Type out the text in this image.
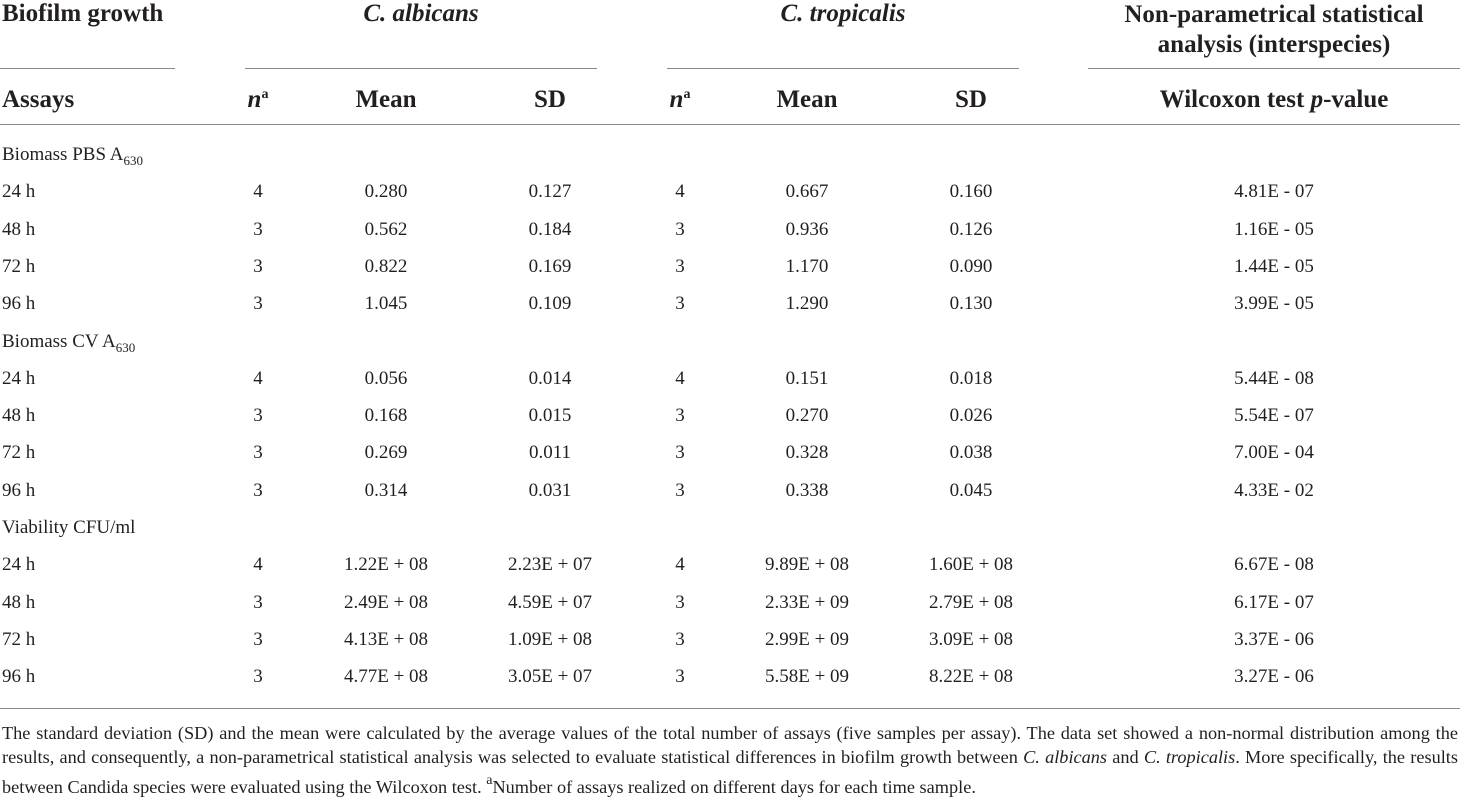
Biofilm growth	C. albicans	C. tropicalis	Non-parametrical statistical
analysis (interspecies)
Assays	$n^a$	Mean	SD	$n^a$	Mean	SD	Wilcoxon test p-value
Biomass PBS $A_{630}$
24 h	4	0.280	0.127	4	0.667	0.160	4.81E - 07
48 h	3	0.562	0.184	3	0.936	0.126	1.16E - 05
72 h	3	0.822	0.169	3	1.170	0.090	1.44E - 05
96 h	3	1.045	0.109	3	1.290	0.130	3.99E - 05
Biomass CV $A_{630}$
24 h	4	0.056	0.014	4	0.151	0.018	5.44E - 08
48 h	3	0.168	0.015	3	0.270	0.026	5.54E - 07
72 h	3	0.269	0.011	3	0.328	0.038	7.00E - 04
96 h	3	0.314	0.031	3	0.338	0.045	4.33E - 02
Viability CFU/ml
24 h	4	1.22E + 08	2.23E + 07	4	9.89E + 08	1.60E + 08	6.67E - 08
48 h	3	2.49E + 08	4.59E + 07	3	2.33E + 09	2.79E + 08	6.17E - 07
72 h	3	4.13E + 08	1.09E + 08	3	2.99E + 09	3.09E + 08	3.37E - 06
96 h	3	4.77E + 08	3.05E + 07	3	5.58E + 09	8.22E + 08	3.27E - 06
The standard deviation (SD) and the mean were calculated by the average values of the total number of assays (five samples per assay). The data set showed a non-normal distribution among the results, and consequently, a non-parametrical statistical analysis was selected to evaluate statistical differences in biofilm growth between C. albicans and C. tropicalis. More specifically, the results between Candida species were evaluated using the Wilcoxon test. $^a$Number of assays realized on different days for each time sample.
